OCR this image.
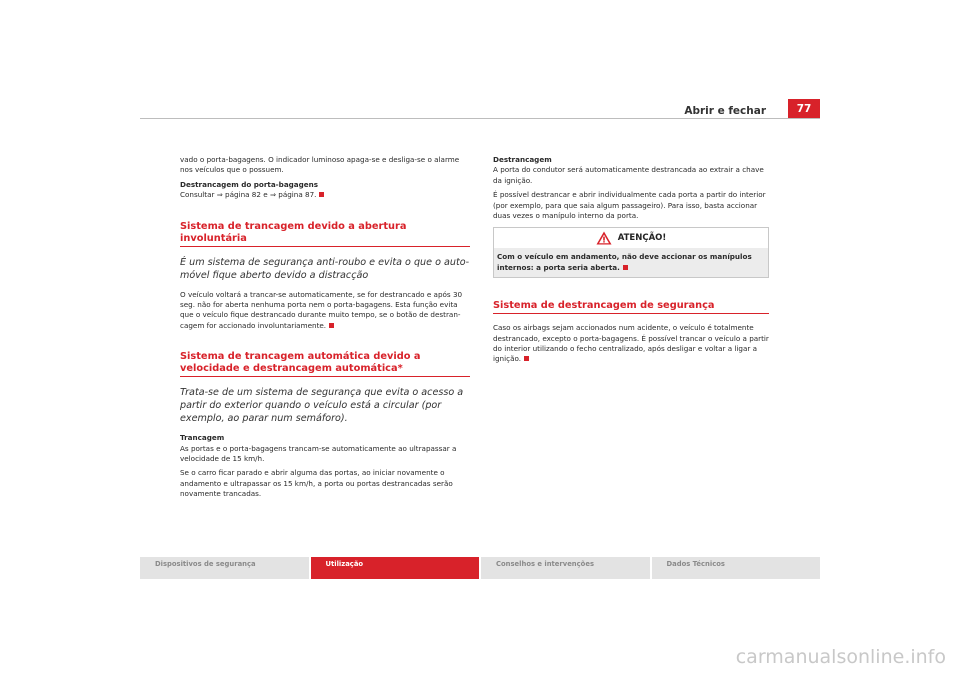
Abrir e fechar	77

vado o porta-bagagens. O indicador luminoso apaga-se e desliga-se o alarme nos veículos que o possuem.

Destrancagem do porta-bagagens

Consultar ⇒ página 82 e ⇒ página 87.

Sistema de trancagem devido a abertura involuntária
É um sistema de segurança anti-roubo e evita o que o auto-móvel fique aberto devido a distracção

O veículo voltará a trancar-se automaticamente, se for destrancado e após 30 seg. não for aberta nenhuma porta nem o porta-bagagens. Esta função evita que o veículo fique destrancado durante muito tempo, se o botão de destran-cagem for accionado involuntariamente.

Sistema de trancagem automática devido a velocidade e destrancagem automática*
Trata-se de um sistema de segurança que evita o acesso a partir do exterior quando o veículo está a circular (por exemplo, ao parar num semáforo).

Trancagem

As portas e o porta-bagagens trancam-se automaticamente ao ultrapassar a velocidade de 15 km/h.

Se o carro ficar parado e abrir alguma das portas, ao iniciar novamente o andamento e ultrapassar os 15 km/h, a porta ou portas destrancadas serão novamente trancadas.

Destrancagem

A porta do condutor será automaticamente destrancada ao extrair a chave da ignição.

É possível destrancar e abrir individualmente cada porta a partir do interior (por exemplo, para que saia algum passageiro). Para isso, basta accionar duas vezes o manípulo interno da porta.

ATENÇÃO!
Com o veículo em andamento, não deve accionar os manípulos internos: a porta seria aberta.
Sistema de destrancagem de segurança

Caso os airbags sejam accionados num acidente, o veículo é totalmente destrancado, excepto o porta-bagagens. É possível trancar o veículo a partir do interior utilizando o fecho centralizado, após desligar e voltar a ligar a ignição.

Dispositivos de segurança	Utilização	Conselhos e intervenções	Dados Técnicos
carmanualsonline.info
